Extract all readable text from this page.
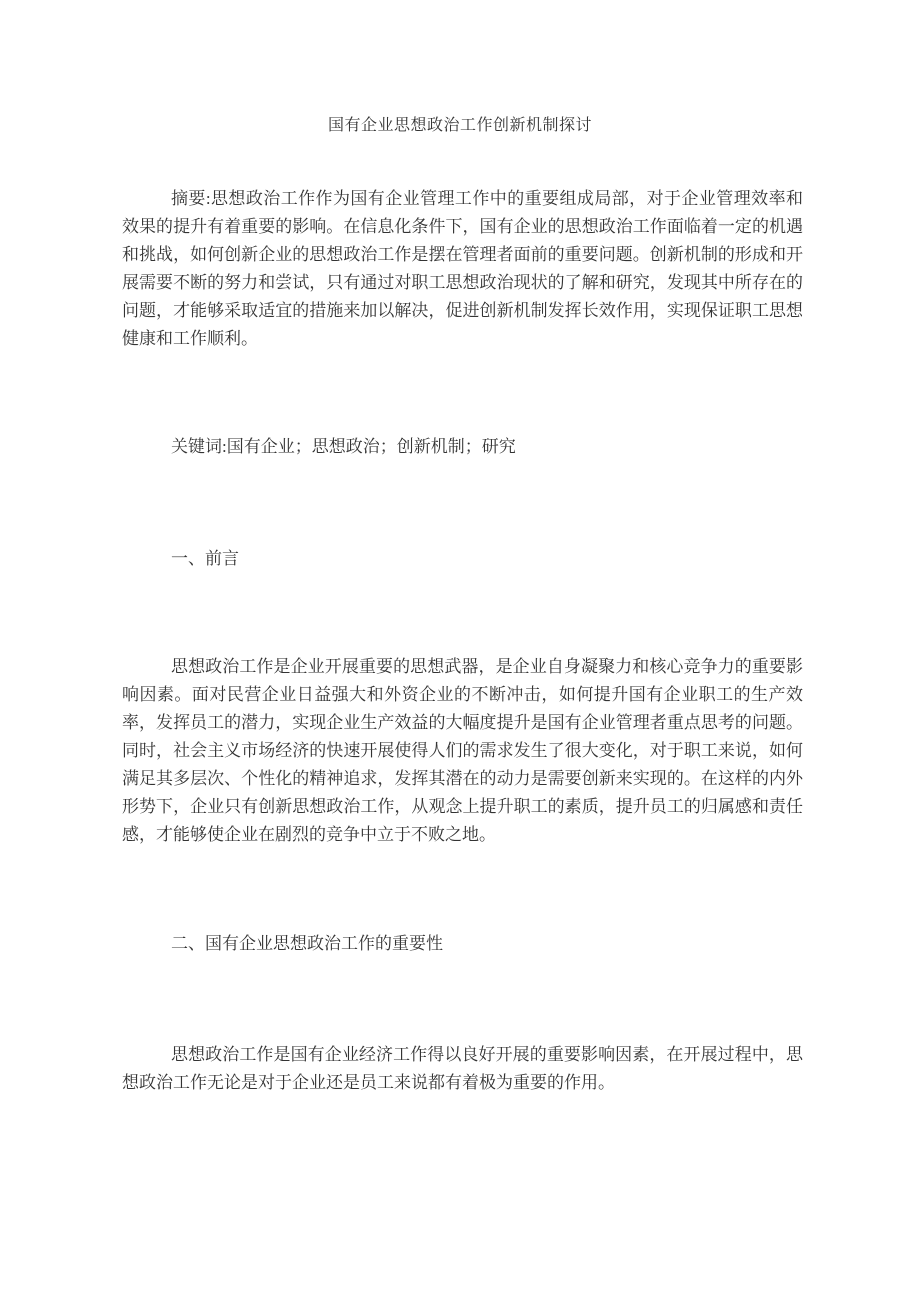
国有企业思想政治工作创新机制探讨

摘要:思想政治工作作为国有企业管理工作中的重要组成局部，对于企业管理效率和效果的提升有着重要的影响。在信息化条件下，国有企业的思想政治工作面临着一定的机遇和挑战，如何创新企业的思想政治工作是摆在管理者面前的重要问题。创新机制的形成和开展需要不断的努力和尝试，只有通过对职工思想政治现状的了解和研究，发现其中所存在的问题，才能够采取适宜的措施来加以解决，促进创新机制发挥长效作用，实现保证职工思想健康和工作顺利。

关键词:国有企业；思想政治；创新机制；研究

一、前言

思想政治工作是企业开展重要的思想武器，是企业自身凝聚力和核心竞争力的重要影响因素。面对民营企业日益强大和外资企业的不断冲击，如何提升国有企业职工的生产效率，发挥员工的潜力，实现企业生产效益的大幅度提升是国有企业管理者重点思考的问题。同时，社会主义市场经济的快速开展使得人们的需求发生了很大变化，对于职工来说，如何满足其多层次、个性化的精神追求，发挥其潜在的动力是需要创新来实现的。在这样的内外形势下，企业只有创新思想政治工作，从观念上提升职工的素质，提升员工的归属感和责任感，才能够使企业在剧烈的竞争中立于不败之地。

二、国有企业思想政治工作的重要性

思想政治工作是国有企业经济工作得以良好开展的重要影响因素，在开展过程中，思想政治工作无论是对于企业还是员工来说都有着极为重要的作用。
